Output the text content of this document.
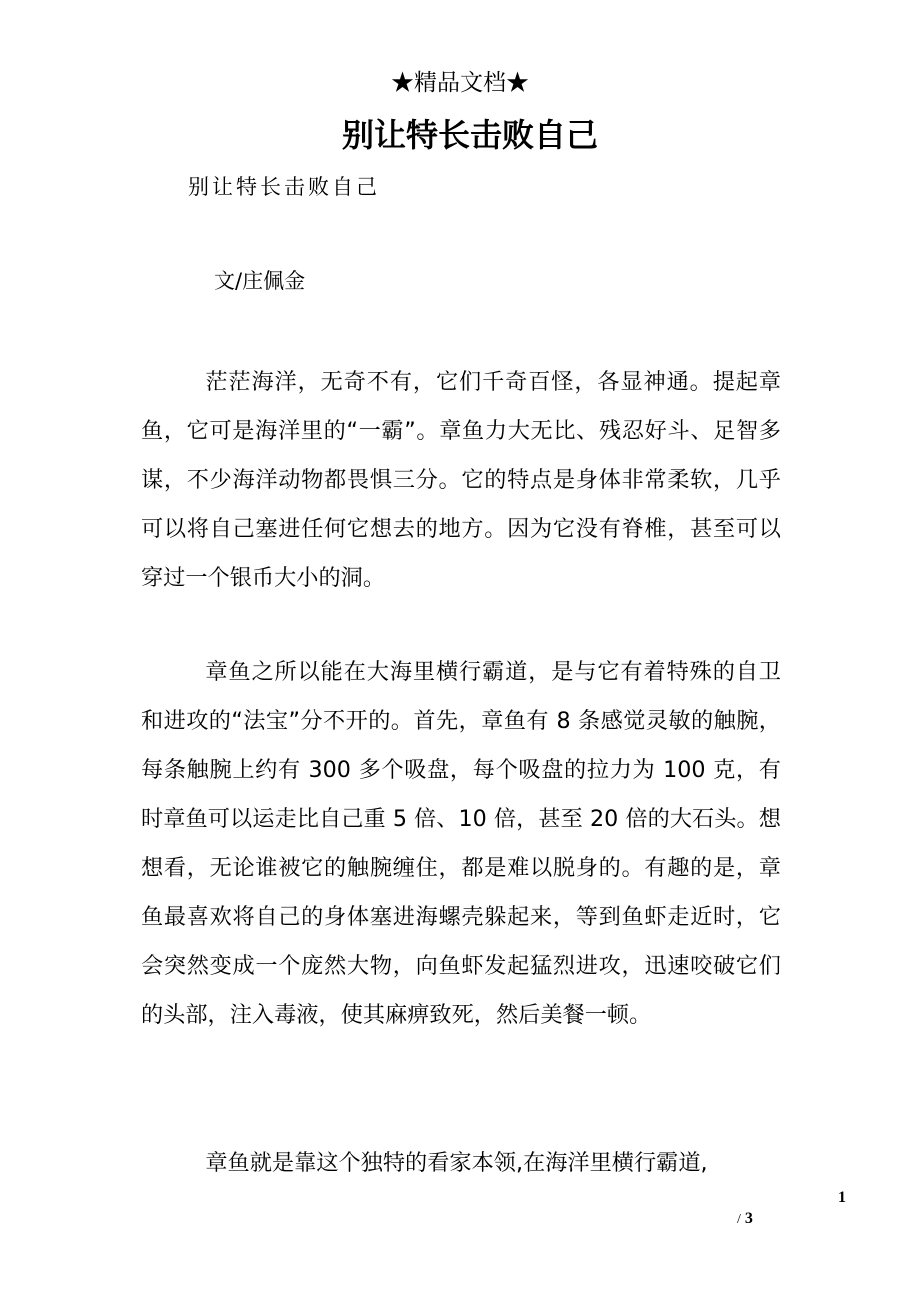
★精品文档★
别让特长击败自己
别让特长击败自己
文/庄佩金

茫茫海洋，无奇不有，它们千奇百怪，各显神通。提起章鱼，它可是海洋里的“一霸”。章鱼力大无比、残忍好斗、足智多谋，不少海洋动物都畏惧三分。它的特点是身体非常柔软，几乎可以将自己塞进任何它想去的地方。因为它没有脊椎，甚至可以穿过一个银币大小的洞。

章鱼之所以能在大海里横行霸道，是与它有着特殊的自卫和进攻的“法宝”分不开的。首先，章鱼有 8 条感觉灵敏的触腕，每条触腕上约有 300 多个吸盘，每个吸盘的拉力为 100 克，有时章鱼可以运走比自己重 5 倍、10 倍，甚至 20 倍的大石头。想想看，无论谁被它的触腕缠住，都是难以脱身的。有趣的是，章鱼最喜欢将自己的身体塞进海螺壳躲起来，等到鱼虾走近时，它会突然变成一个庞然大物，向鱼虾发起猛烈进攻，迅速咬破它们的头部，注入毒液，使其麻痹致死，然后美餐一顿。

章鱼就是靠这个独特的看家本领,在海洋里横行霸道,

1
/ 3
